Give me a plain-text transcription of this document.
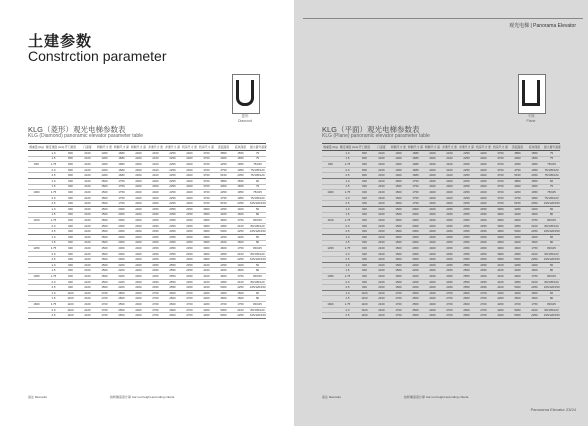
土建参数
Constrction parameter
菱形
Diamond
KLG（菱形）观光电梯参数表
KLG (Diamond) panoramic elevator parameter table
载重量 (Kg)	额定速度 (m/s)	开门宽度	门高度	轿厢尺寸 宽	轿厢尺寸 深	轿厢尺寸 高	井道尺寸 宽	井道尺寸 深	机房尺寸 宽	机房尺寸 深	顶层高度	底坑深度	最大提升高度
	1.0	800	2100	1300	1680	2400	2100	2250	2400	3700	3850	1550	75
	1.5	800	2100	1300	1680	2400	2100	2250	2400	3700	4000	1650	75
800	1.75	800	2100	1300	1680	2400	2100	2250	2400	3700	4250	1950	75/105
	2.0	800	2100	1300	1680	2400	2100	2250	2400	3700	4750	1950	75/105/120
	2.5	800	2100	1300	1680	2400	2100	2250	2400	3700	5150	2350	75/105/120
	1.0	900	2100	1500	1750	2400	2400	2250	2400	3700	3850	1550	60
	1.5	900	2100	1500	1750	2400	2400	2250	2400	3700	4000	1650	75
1000	1.75	900	2100	1500	1750	2400	2400	2250	2400	3700	4250	1950	75/105
	2.0	900	2100	1500	1750	2400	2400	2250	2400	3700	4750	1950	75/105/120
	2.5	900	2100	1500	1750	2400	2400	2250	2400	3700	5150	2350	105/120/150
	1.0	900	2100	1500	2000	2400	2450	2350	2450	3900	4250	1400	50
	1.5	900	2100	1500	2000	2400	2450	2350	2450	3900	4400	1600	80
1150	1.75	900	2100	1500	2000	2400	2450	2350	2450	3900	4600	1750	80/105
	2.0	900	2100	1500	2000	2400	2450	2350	2450	3900	4950	2100	80/105/120
	2.5	900	2100	1500	2000	2400	2450	2350	2450	3900	5300	2250	105/120/150
	1.0	900	2100	1500	2000	2400	2450	2350	2450	3900	4250	1400	50
	1.5	900	2100	1500	2000	2400	2450	2350	2450	3900	4400	1600	80
1250	1.75	900	2100	1500	2000	2400	2450	2350	2450	3900	4600	1750	80/105
	2.0	900	2100	1500	2000	2400	2450	2350	2450	3900	4950	2100	80/105/120
	2.5	900	2100	1500	2000	2400	2450	2350	2450	3900	5300	2250	105/120/150
	1.0	900	2100	1500	2200	2400	2450	2550	2450	4100	4250	1400	50
	1.5	900	2100	1500	2200	2400	2450	2550	2450	4100	4400	1600	80
1350	1.75	900	2100	1500	2200	2400	2450	2550	2450	4100	4600	1750	80/105
	2.0	900	2100	1500	2200	2400	2450	2550	2450	4100	4950	2100	80/105/120
	2.5	900	2100	1500	2200	2400	2450	2550	2450	4100	5300	2250	105/120/150
	1.0	1100	2100	1700	2500	2400	2700	2600	2700	4200	4300	1500	60
	1.5	1100	2100	1700	2500	2400	2700	2600	2700	4200	4500	1600	80
1600	1.75	1100	2100	1700	2500	2400	2700	2600	2700	4200	4700	1750	80/105
	2.0	1100	2100	1700	2500	2400	2700	2600	2700	4200	5000	2100	80/105/120
	2.5	1100	2100	1700	2500	2400	2700	2600	2700	4200	5300	2250	105/120/150
备注 Remarks	按轿厢高度计算 Car net height according criteria
观光电梯 | Panorama Elevator
平面
Plane
KLG（平面）观光电梯参数表
KLG (Plane) panoramic elevator parameter table
载重量 (Kg)	额定速度 (m/s)	开门宽度	门高度	轿厢尺寸 宽	轿厢尺寸 深	轿厢尺寸 高	井道尺寸 宽	井道尺寸 深	机房尺寸 宽	机房尺寸 深	顶层高度	底坑深度	最大提升高度
	1.0	800	2100	1300	1680	2400	2100	2250	2400	3700	3850	1550	75
	1.5	800	2100	1300	1680	2400	2100	2250	2400	3700	4000	1650	75
800	1.75	800	2100	1300	1680	2400	2100	2250	2400	3700	4250	1950	75/105
	2.0	800	2100	1300	1680	2400	2100	2250	2400	3700	4750	1950	75/105/120
	2.5	800	2100	1300	1680	2400	2100	2250	2400	3700	5150	2350	75/105/120
	1.0	900	2100	1500	1750	2400	2400	2250	2400	3700	3850	1550	60
	1.5	900	2100	1500	1750	2400	2400	2250	2400	3700	4000	1650	75
1000	1.75	900	2100	1500	1750	2400	2400	2250	2400	3700	4250	1950	75/105
	2.0	900	2100	1500	1750	2400	2400	2250	2400	3700	4750	1950	75/105/120
	2.5	900	2100	1500	1750	2400	2400	2250	2400	3700	5150	2350	105/120/150
	1.0	900	2100	1500	2000	2400	2450	2350	2450	3900	4250	1400	50
	1.5	900	2100	1500	2000	2400	2450	2350	2450	3900	4400	1600	80
1150	1.75	900	2100	1500	2000	2400	2450	2350	2450	3900	4600	1750	80/105
	2.0	900	2100	1500	2000	2400	2450	2350	2450	3900	4950	2100	80/105/120
	2.5	900	2100	1500	2000	2400	2450	2350	2450	3900	5300	2250	105/120/150
	1.0	900	2100	1500	2000	2400	2450	2350	2450	3900	4250	1400	50
	1.5	900	2100	1500	2000	2400	2450	2350	2450	3900	4400	1600	80
1250	1.75	900	2100	1500	2000	2400	2450	2350	2450	3900	4600	1750	80/105
	2.0	900	2100	1500	2000	2400	2450	2350	2450	3900	4950	2100	80/105/120
	2.5	900	2100	1500	2000	2400	2450	2350	2450	3900	5300	2250	105/120/150
	1.0	900	2100	1500	2200	2400	2450	2550	2450	4100	4250	1400	50
	1.5	900	2100	1500	2200	2400	2450	2550	2450	4100	4400	1600	80
1350	1.75	900	2100	1500	2200	2400	2450	2550	2450	4100	4600	1750	80/105
	2.0	900	2100	1500	2200	2400	2450	2550	2450	4100	4950	2100	80/105/120
	2.5	900	2100	1500	2200	2400	2450	2550	2450	4100	5300	2250	105/120/150
	1.0	1100	2100	1700	2500	2400	2700	2600	2700	4200	4300	1500	60
	1.5	1100	2100	1700	2500	2400	2700	2600	2700	4200	4500	1600	80
1600	1.75	1100	2100	1700	2500	2400	2700	2600	2700	4200	4700	1750	80/105
	2.0	1100	2100	1700	2500	2400	2700	2600	2700	4200	5000	2100	80/105/120
	2.5	1100	2100	1700	2500	2400	2700	2600	2700	4200	5300	2250	105/120/150
备注 Remarks	按轿厢高度计算 Car net height according criteria
Panorama Elevator 23/24
